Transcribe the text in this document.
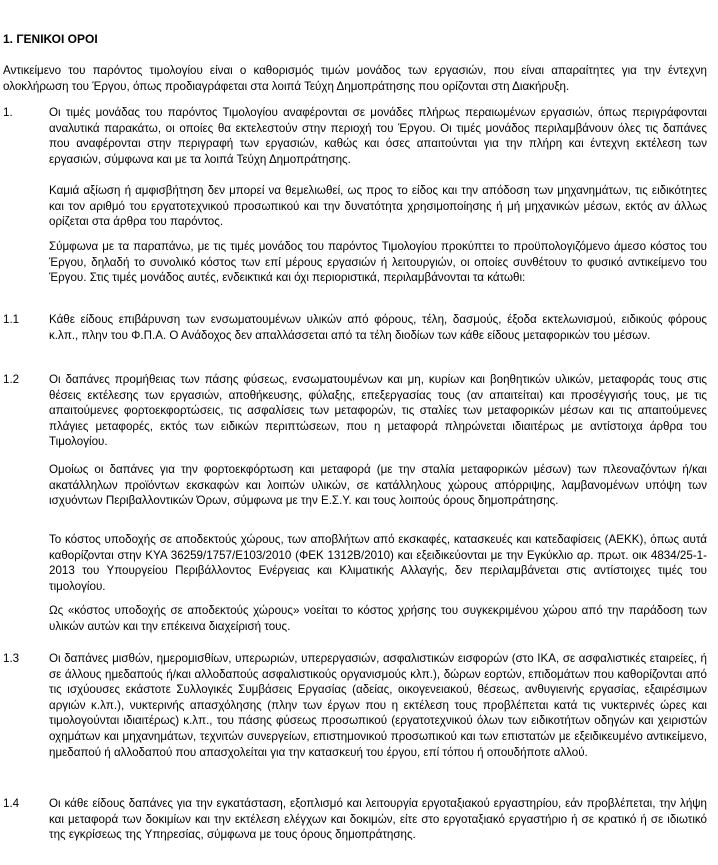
1. ΓΕΝΙΚΟΙ ΟΡΟΙ
Αντικείμενο του παρόντος τιμολογίου είναι ο καθορισμός τιμών μονάδος των εργασιών, που είναι απαραίτητες για την έντεχνη ολοκλήρωση του Έργου, όπως προδιαγράφεται στα λοιπά Τεύχη Δημοπράτησης που ορίζονται στη Διακήρυξη.
1.	Οι τιμές μονάδας του παρόντος Τιμολογίου αναφέρονται σε μονάδες πλήρως περαιωμένων εργασιών, όπως περιγράφονται αναλυτικά παρακάτω, οι οποίες θα εκτελεστούν στην περιοχή του Έργου. Οι τιμές μονάδος περιλαμβάνουν όλες τις δαπάνες που αναφέρονται στην περιγραφή των εργασιών, καθώς και όσες απαιτούνται για την πλήρη και έντεχνη εκτέλεση των εργασιών, σύμφωνα και με τα λοιπά Τεύχη Δημοπράτησης.
Καμιά αξίωση ή αμφισβήτηση δεν μπορεί να θεμελιωθεί, ως προς το είδος και την απόδοση των μηχανημάτων, τις ειδικότητες και τον αριθμό του εργατοτεχνικού προσωπικού και την δυνατότητα χρησιμοποίησης ή μή μηχανικών μέσων, εκτός αν άλλως ορίζεται στα άρθρα του παρόντος.
Σύμφωνα με τα παραπάνω, με τις τιμές μονάδος του παρόντος Τιμολογίου προκύπτει το προϋπολογιζόμενο άμεσο κόστος του Έργου, δηλαδή το συνολικό κόστος των επί μέρους εργασιών ή λειτουργιών, οι οποίες συνθέτουν το φυσικό αντικείμενο του Έργου. Στις τιμές μονάδος αυτές, ενδεικτικά και όχι περιοριστικά, περιλαμβάνονται τα κάτωθι:
1.1	Κάθε είδους επιβάρυνση των ενσωματουμένων υλικών από φόρους, τέλη, δασμούς, έξοδα εκτελωνισμού, ειδικούς φόρους κ.λπ., πλην του Φ.Π.Α. Ο Ανάδοχος δεν απαλλάσσεται από τα τέλη διοδίων των κάθε είδους μεταφορικών του μέσων.
1.2	Οι δαπάνες προμήθειας των πάσης φύσεως, ενσωματουμένων και μη, κυρίων και βοηθητικών υλικών, μεταφοράς τους στις θέσεις εκτέλεσης των εργασιών, αποθήκευσης, φύλαξης, επεξεργασίας τους (αν απαιτείται) και προσέγγισής τους, με τις απαιτούμενες φορτοεκφορτώσεις, τις ασφαλίσεις των μεταφορών, τις σταλίες των μεταφορικών μέσων και τις απαιτούμενες πλάγιες μεταφορές, εκτός των ειδικών περιπτώσεων, που η μεταφορά πληρώνεται ιδιαιτέρως με αντίστοιχα άρθρα του Τιμολογίου.
Ομοίως οι δαπάνες για την φορτοεκφόρτωση και μεταφορά (με την σταλία μεταφορικών μέσων) των πλεοναζόντων ή/και ακατάλληλων προϊόντων εκσκαφών και λοιπών υλικών, σε κατάλληλους χώρους απόρριψης, λαμβανομένων υπόψη των ισχυόντων Περιβαλλοντικών Όρων, σύμφωνα με την Ε.Σ.Υ. και τους λοιπούς όρους δημοπράτησης.
Το κόστος υποδοχής σε αποδεκτούς χώρους, των αποβλήτων από εκσκαφές, κατασκευές και κατεδαφίσεις (ΑΕΚΚ), όπως αυτά καθορίζονται στην ΚΥΑ 36259/1757/Ε103/2010 (ΦΕΚ 1312Β/2010) και εξειδικεύονται με την Εγκύκλιο αρ. πρωτ. οικ 4834/25-1-2013 του Υπουργείου Περιβάλλοντος Ενέργειας και Κλιματικής Αλλαγής, δεν περιλαμβάνεται στις αντίστοιχες τιμές του τιμολογίου.
Ως «κόστος υποδοχής σε αποδεκτούς χώρους» νοείται το κόστος χρήσης του συγκεκριμένου χώρου από την παράδοση των υλικών αυτών και την επέκεινα διαχείρισή τους.
1.3	Οι δαπάνες μισθών, ημερομισθίων, υπερωριών, υπερεργασιών, ασφαλιστικών εισφορών (στο ΙΚΑ, σε ασφαλιστικές εταιρείες, ή σε άλλους ημεδαπούς ή/και αλλοδαπούς ασφαλιστικούς οργανισμούς κλπ.), δώρων εορτών, επιδομάτων που καθορίζονται από τις ισχύουσες εκάστοτε Συλλογικές Συμβάσεις Εργασίας (αδείας, οικογενειακού, θέσεως, ανθυγιεινής εργασίας, εξαιρέσιμων αργιών κ.λπ.), νυκτερινής απασχόλησης (πλην των έργων που η εκτέλεση τους προβλέπεται κατά τις νυκτερινές ώρες και τιμολογούνται ιδιαιτέρως) κ.λπ., του πάσης φύσεως προσωπικού (εργατοτεχνικού όλων των ειδικοτήτων οδηγών και χειριστών οχημάτων και μηχανημάτων, τεχνιτών συνεργείων, επιστημονικού προσωπικού και των επιστατών με εξειδικευμένο αντικείμενο, ημεδαπού ή αλλοδαπού που απασχολείται για την κατασκευή του έργου, επί τόπου ή οπουδήποτε αλλού.
1.4	Οι κάθε είδους δαπάνες για την εγκατάσταση, εξοπλισμό και λειτουργία εργοταξιακού εργαστηρίου, εάν προβλέπεται, την λήψη και μεταφορά των δοκιμίων και την εκτέλεση ελέγχων και δοκιμών, είτε στο εργοταξιακό εργαστήριο ή σε κρατικό ή σε ιδιωτικό της εγκρίσεως της Υπηρεσίας, σύμφωνα με τους όρους δημοπράτησης.
